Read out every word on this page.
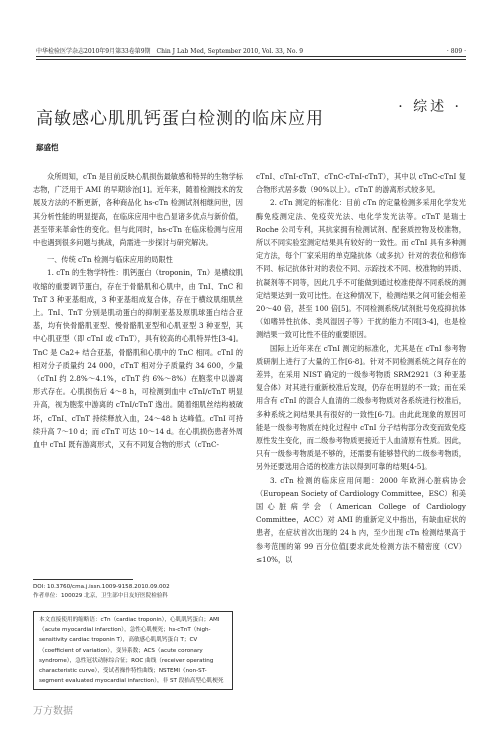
中华检验医学杂志2010年9月第33卷第9期　Chin J Lab Med, September 2010, Vol. 33, No. 9	· 809 ·
· 综述 ·
高敏感心肌肌钙蛋白检测的临床应用
鄢盛恺

众所周知，cTn 是目前反映心肌损伤最敏感和特异的生物学标志物，广泛用于 AMI 的早期诊治[1]。近年来，随着检测技术的发展及方法的不断更新，各种商品化 hs-cTn 检测试剂相继问世，因其分析性能的明显提高，在临床应用中也凸显诸多优点与新价值，甚至带来革命性的变化。但与此同时，hs-cTn 在临床检测与应用中也遇到很多问题与挑战，尚需进一步探讨与研究解决。

一、传统 cTn 检测与临床应用的局限性

1. cTn 的生物学特性：肌钙蛋白（troponin，Tn）是横纹肌收缩的重要调节蛋白，存在于骨骼肌和心肌中，由 TnI、TnC 和 TnT 3 种亚基组成，3 种亚基组成复合体，存在于横纹肌细肌丝上。TnI、TnT 分别是肌动蛋白的抑制亚基及原肌球蛋白结合亚基，均有快骨骼肌亚型、慢骨骼肌亚型和心肌亚型 3 种亚型，其中心肌亚型（即 cTnI 或 cTnT），具有较高的心肌特异性[3-4]。TnC 是 Ca2+ 结合亚基，骨骼肌和心肌中的 TnC 相同。cTnI 的相对分子质量约 24 000，cTnT 相对分子质量约 34 600，少量（cTnI 约 2.8%～4.1%，cTnT 约 6%～8%）在胞浆中以游离形式存在。心肌损伤后 4～8 h，可检测到血中 cTnI/cTnT 明显升高，视为胞浆中游离的 cTnI/cTnT 逸出。随着细肌丝结构被破坏，cTnI、cTnT 持续释放入血，24～48 h 达峰值。cTnI 可持续升高 7～10 d；而 cTnT 可达 10～14 d。在心肌损伤患者外周血中 cTnI 既有游离形式，又有不同复合物的形式（cTnC-

cTnI、cTnI-cTnT、cTnC-cTnI-cTnT），其中以 cTnC-cTnI 复合物形式居多数（90%以上）。cTnT 的游离形式较多见。

2. cTn 测定的标准化：目前 cTn 的定量检测多采用化学发光酶免疫测定法、免疫荧光法、电化学发光法等。cTnT 是瑞士 Roche 公司专利，其抗家拥有检测试剂、配套质控物及校准物，所以不同实验室测定结果具有较好的一致性。而 cTnI 具有多种测定方法，每个厂家采用的单克隆抗体（或多抗）针对的表位和修饰不同、标记抗体针对的表位不同、示踪技术不同、校准物的异质、抗凝剂等不同等，因此几乎不可能做到通过校准使得不同系统的测定结果达到一致可比性。在这种情况下，检测结果之间可能会相差 20～40 倍，甚至 100 倍[5]。不同检测系统/试剂批号免疫抑抗体（如嗜异性抗体、类风湿因子等）干扰的能力不同[3-4]，也是检测结果一致可比性不佳的重要原因。

国际上近年来在 cTnI 测定的标准化，尤其是在 cTnI 参考物质研制上进行了大量的工作[6-8]。针对不同检测系统之间存在的差异，在采用 NIST 确定的一级参考物质 SRM2921（3 种亚基复合体）对其进行重新校准后发现，仍存在明显的不一致；而在采用含有 cTnI 的混合人血清的二级参考物质对各系统进行校准后，多种系统之间结果具有很好的一致性[6-7]。由此此现象的原因可能是一级参考物质在纯化过程中 cTnI 分子结构部分改变而致免疫原性发生变化，而二级参考物质更接近于人血清原有性质。因此，只有一级参考物质是不够的，还需要有能够替代的二级参考物质，另外还要选用合适的校准方法以得到可靠的结果[4-5]。

3. cTn 检测的临床应用问题：2000 年欧洲心脏病协会（European Society of Cardiology Committee，ESC）和美国心脏病学会（American College of Cardiology Committee，ACC）对 AMI 的重新定义中指出，有缺血症状的患者，在症状首次出现的 24 h 内，至少出现 cTn 检测结果高于参考范围的第 99 百分位值[要求此处检测方法不精密度（CV）≤10%，以

DOI: 10.3760/cma.j.issn.1009-9158.2010.09.002
作者单位：100029 北京，卫生部中日友好医院检验科
本文直接使用的缩略语：cTn（cardiac troponin），心肌肌钙蛋白；AMI（acute myocardial infarction），急性心肌梗死；hs-cTnT（high-sensitivity cardiac troponin T），高敏感心肌肌钙蛋白 T；CV（coefficient of variation），变异系数；ACS（acute coronary syndrome），急性冠状动脉综合征；ROC 曲线（receiver operating characteristic curve），受试者操作特性曲线；NSTEMI（non-ST-segment evaluated myocardial infarction），非 ST 段抬高型心肌梗死
万方数据
